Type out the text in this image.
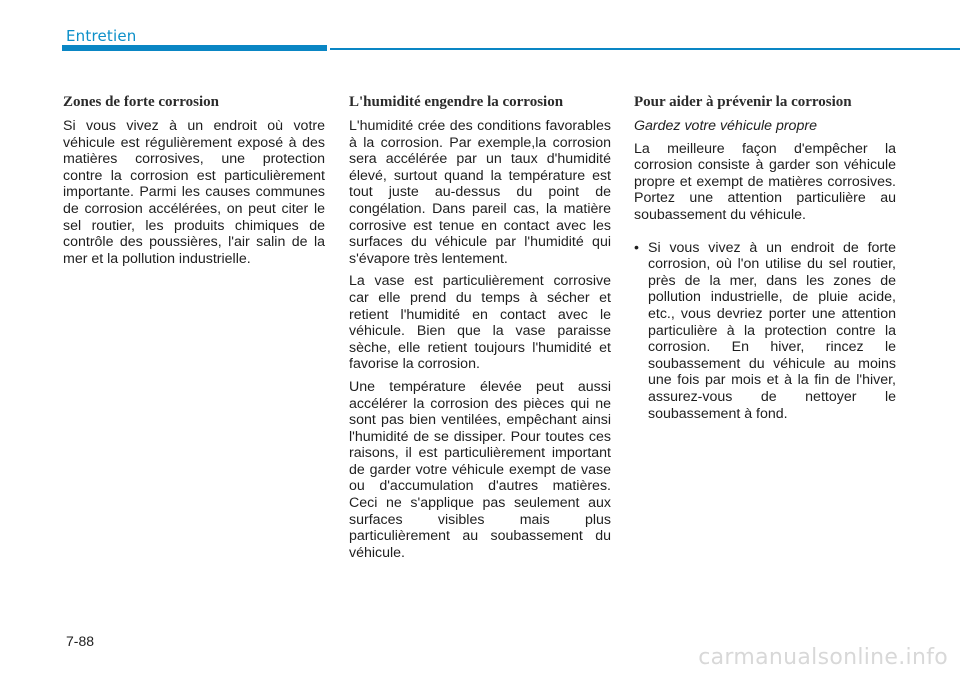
Entretien
Zones de forte corrosion

Si vous vivez à un endroit où votre véhicule est régulièrement exposé à des matières corrosives, une protection contre la corrosion est particulièrement importante. Parmi les causes communes de corrosion accélérées, on peut citer le sel routier, les produits chimiques de contrôle des poussières, l'air salin de la mer et la pollution industrielle.

L'humidité engendre la corrosion

L'humidité crée des conditions favorables à la corrosion. Par exemple,la corrosion sera accélérée par un taux d'humidité élevé, surtout quand la température est tout juste au-dessus du point de congélation. Dans pareil cas, la matière corrosive est tenue en contact avec les surfaces du véhicule par l'humidité qui s'évapore très lentement.

La vase est particulièrement corrosive car elle prend du temps à sécher et retient l'humidité en contact avec le véhicule. Bien que la vase paraisse sèche, elle retient toujours l'humidité et favorise la corrosion.

Une température élevée peut aussi accélérer la corrosion des pièces qui ne sont pas bien ventilées, empêchant ainsi l'humidité de se dissiper. Pour toutes ces raisons, il est particulièrement important de garder votre véhicule exempt de vase ou d'accumulation d'autres matières. Ceci ne s'applique pas seulement aux surfaces visibles mais plus particulièrement au soubassement du véhicule.

Pour aider à prévenir la corrosion

Gardez votre véhicule propre

La meilleure façon d'empêcher la corrosion consiste à garder son véhicule propre et exempt de matières corrosives. Portez une attention particulière au soubassement du véhicule.

• Si vous vivez à un endroit de forte corrosion, où l'on utilise du sel routier, près de la mer, dans les zones de pollution industrielle, de pluie acide, etc., vous devriez porter une attention particulière à la protection contre la corrosion. En hiver, rincez le soubassement du véhicule au moins une fois par mois et à la fin de l'hiver, assurez-vous de nettoyer le soubassement à fond.
7-88
carmanualsonline.info
